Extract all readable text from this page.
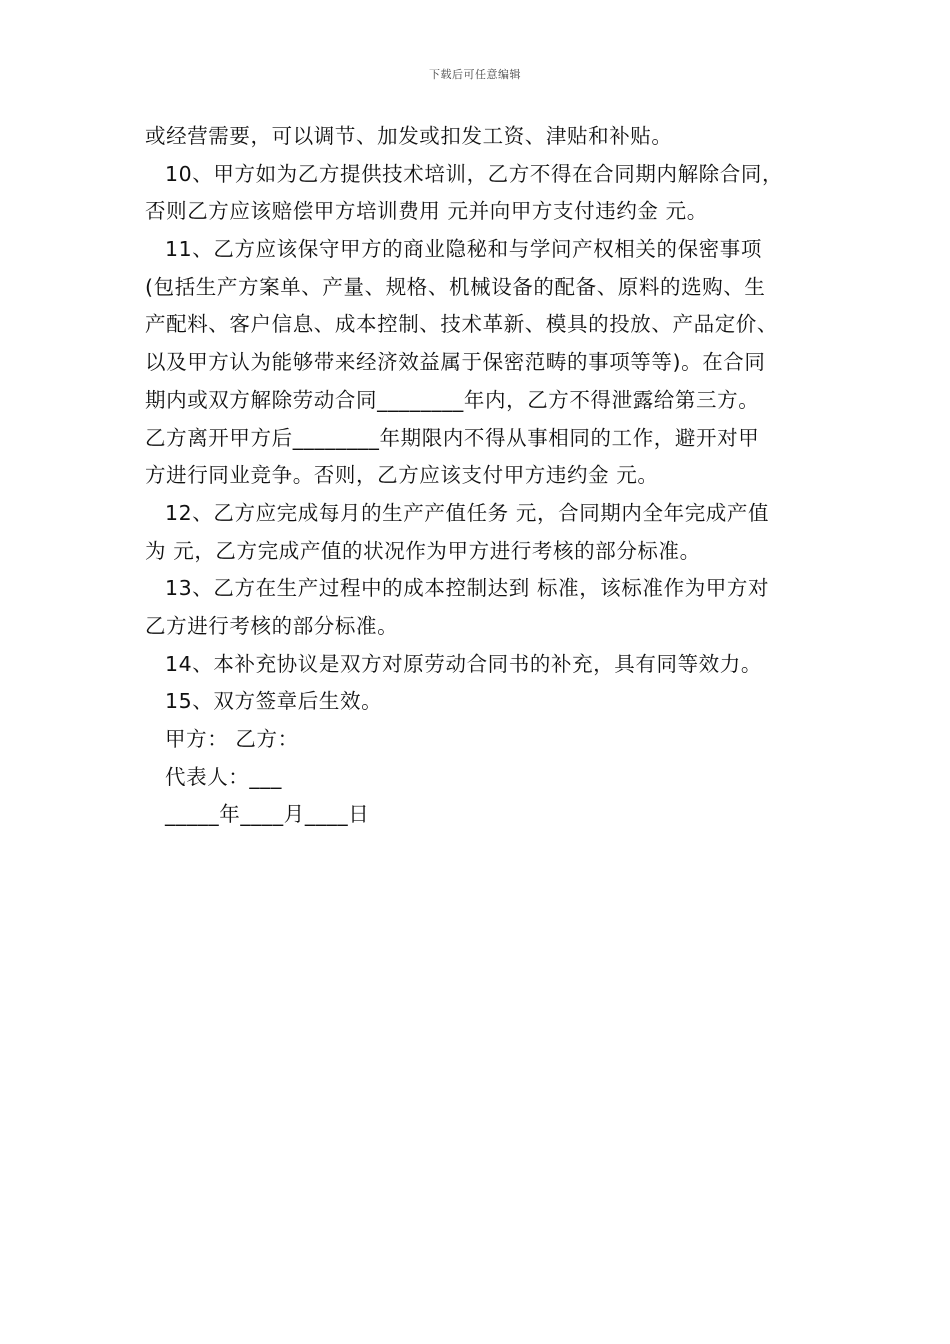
下载后可任意编辑
或经营需要，可以调节、加发或扣发工资、津贴和补贴。
10、甲方如为乙方提供技术培训，乙方不得在合同期内解除合同，
否则乙方应该赔偿甲方培训费用 元并向甲方支付违约金 元。
11、乙方应该保守甲方的商业隐秘和与学问产权相关的保密事项
(包括生产方案单、产量、规格、机械设备的配备、原料的选购、生
产配料、客户信息、成本控制、技术革新、模具的投放、产品定价、
以及甲方认为能够带来经济效益属于保密范畴的事项等等)。在合同
期内或双方解除劳动合同________年内，乙方不得泄露给第三方。
乙方离开甲方后________年期限内不得从事相同的工作，避开对甲
方进行同业竞争。否则，乙方应该支付甲方违约金 元。
12、乙方应完成每月的生产产值任务 元，合同期内全年完成产值
为 元，乙方完成产值的状况作为甲方进行考核的部分标准。
13、乙方在生产过程中的成本控制达到 标准，该标准作为甲方对
乙方进行考核的部分标准。
14、本补充协议是双方对原劳动合同书的补充，具有同等效力。
15、双方签章后生效。
甲方： 乙方：
代表人：___
_____年____月____日
